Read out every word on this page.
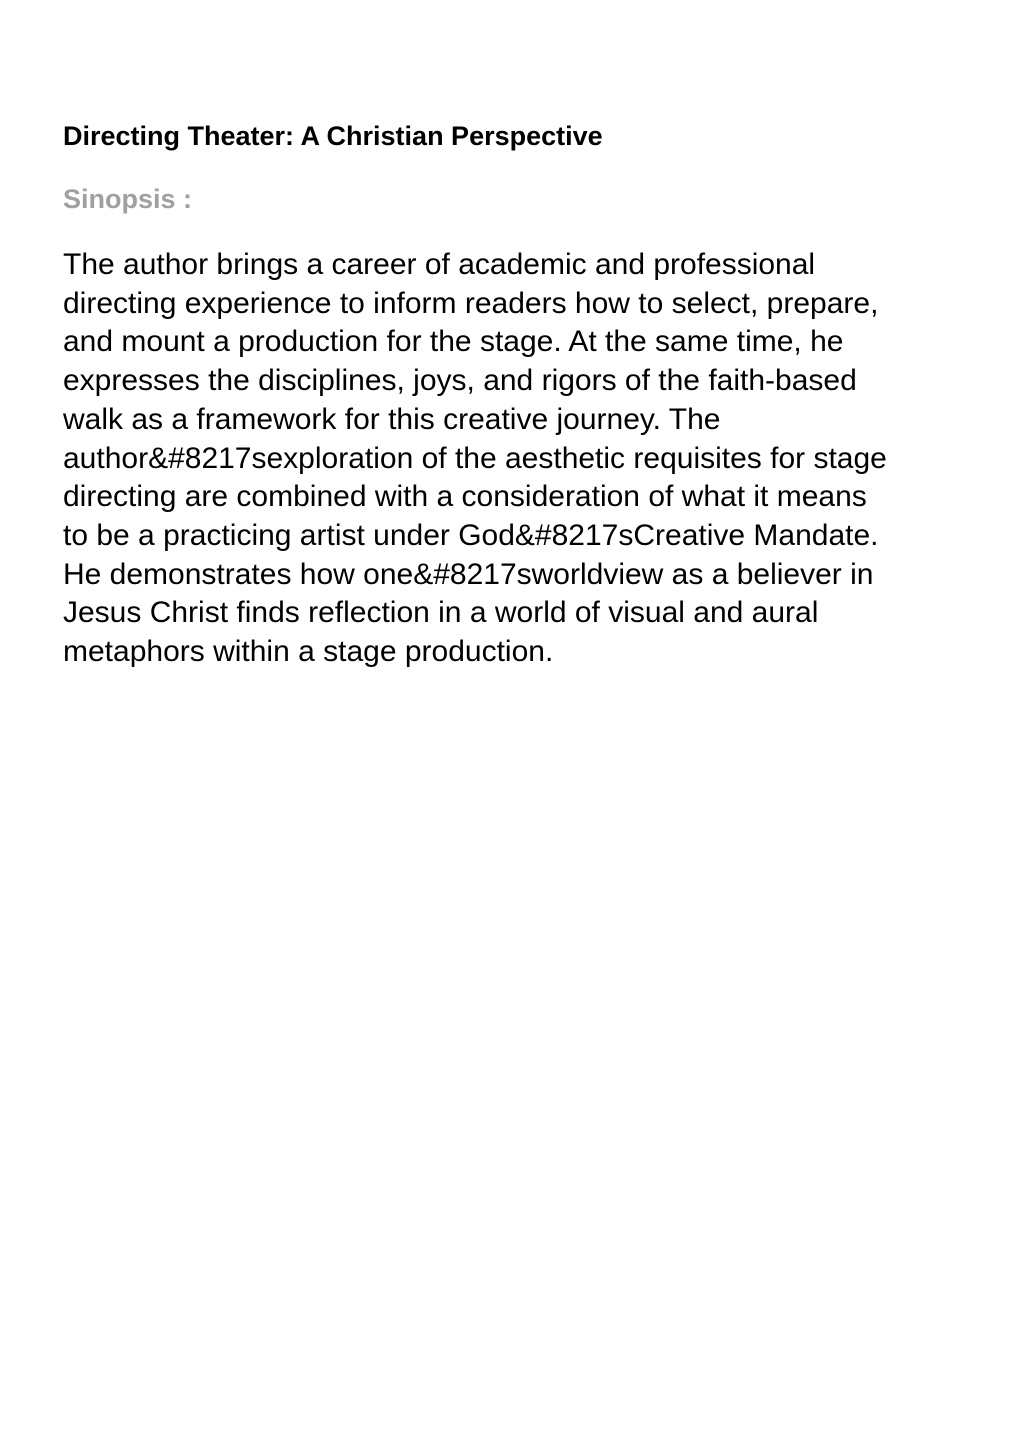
Directing Theater: A Christian Perspective
Sinopsis :
The author brings a career of academic and professional
directing experience to inform readers how to select, prepare,
and mount a production for the stage. At the same time, he
expresses the disciplines, joys, and rigors of the faith-based
walk as a framework for this creative journey. The
author&#8217sexploration of the aesthetic requisites for stage
directing are combined with a consideration of what it means
to be a practicing artist under God&#8217sCreative Mandate.
He demonstrates how one&#8217sworldview as a believer in
Jesus Christ finds reflection in a world of visual and aural
metaphors within a stage production.
